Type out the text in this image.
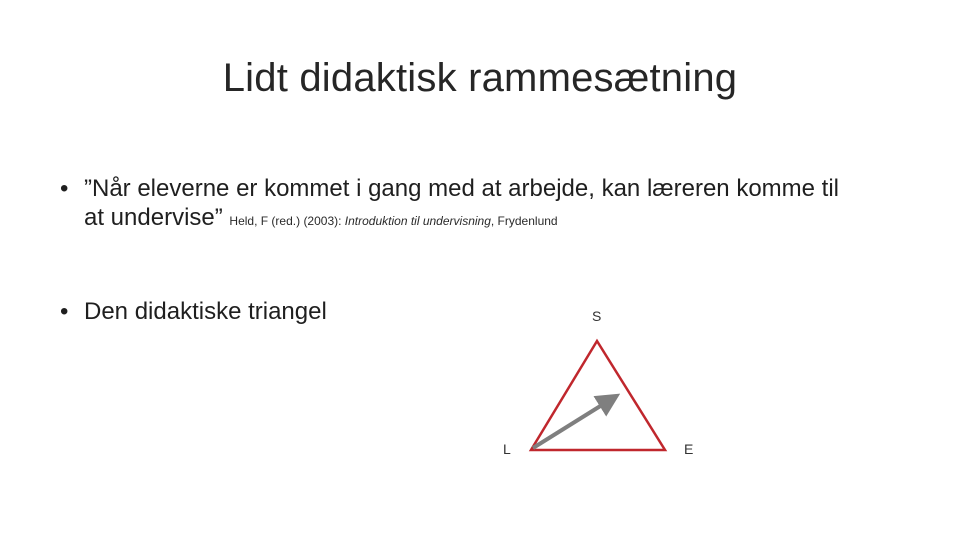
Lidt didaktisk rammesætning
• ”Når eleverne er kommet i gang med at arbejde, kan læreren komme til at undervise” Held, F (red.) (2003): Introduktion til undervisning, Frydenlund
• Den didaktiske triangel	S
L	E
